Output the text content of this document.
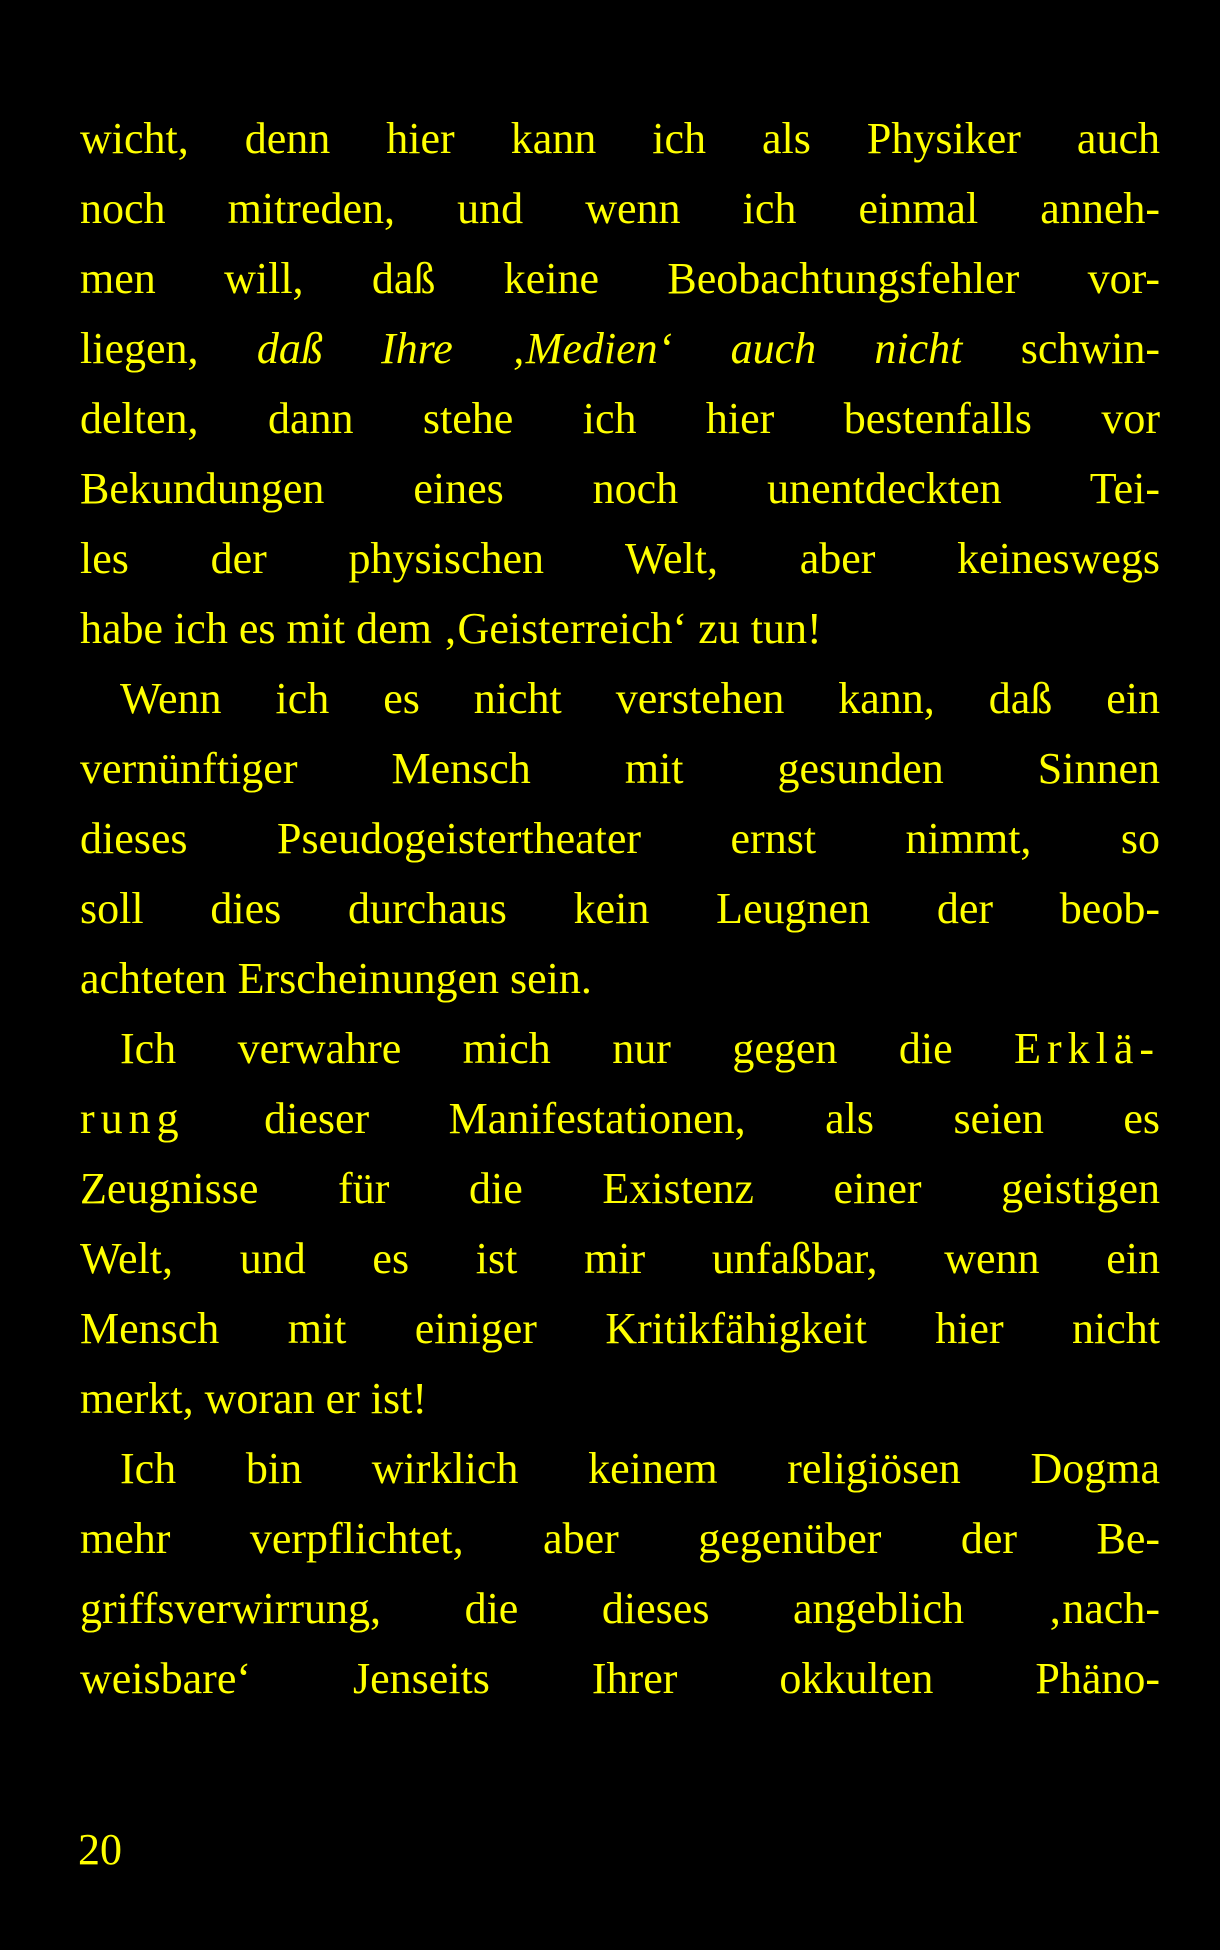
wicht, denn hier kann ich als Physiker auch
noch mitreden, und wenn ich einmal anneh-
men will, daß keine Beobachtungsfehler vor-
liegen, daß Ihre ‚Medien‘ auch nicht schwin-
delten, dann stehe ich hier bestenfalls vor
Bekundungen eines noch unentdeckten Tei-
les der physischen Welt, aber keineswegs
habe ich es mit dem ‚Geisterreich‘ zu tun!
Wenn ich es nicht verstehen kann, daß ein
vernünftiger Mensch mit gesunden Sinnen
dieses Pseudogeistertheater ernst nimmt, so
soll dies durchaus kein Leugnen der beob-
achteten Erscheinungen sein.
Ich verwahre mich nur gegen die Erklä-
rung dieser Manifestationen, als seien es
Zeugnisse für die Existenz einer geistigen
Welt, und es ist mir unfaßbar, wenn ein
Mensch mit einiger Kritikfähigkeit hier nicht
merkt, woran er ist!
Ich bin wirklich keinem religiösen Dogma
mehr verpflichtet, aber gegenüber der Be-
griffsverwirrung, die dieses angeblich ‚nach-
weisbare‘ Jenseits Ihrer okkulten Phäno-
20
